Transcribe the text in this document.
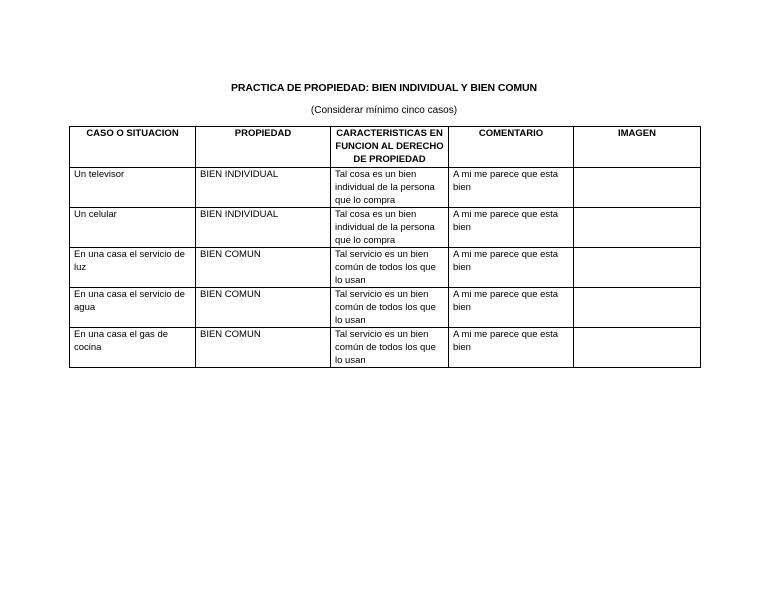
PRACTICA DE PROPIEDAD: BIEN INDIVIDUAL Y BIEN COMUN
(Considerar mínimo cinco casos)
CASO O SITUACION	PROPIEDAD	CARACTERISTICAS EN FUNCION AL DERECHO DE PROPIEDAD	COMENTARIO	IMAGEN
Un televisor	BIEN INDIVIDUAL	Tal cosa es un bien individual de la persona que lo compra	A mi me parece que esta bien	
Un celular	BIEN INDIVIDUAL	Tal cosa es un bien individual de la persona que lo compra	A mi me parece que esta bien	
En una casa el servicio de luz	BIEN COMUN	Tal servicio es un bien común de todos los que lo usan	A mi me parece que esta bien	
En una casa el servicio de agua	BIEN COMUN	Tal servicio es un bien común de todos los que lo usan	A mi me parece que esta bien	
En una casa el gas de cocina	BIEN COMUN	Tal servicio es un bien común de todos los que lo usan	A mi me parece que esta bien	
